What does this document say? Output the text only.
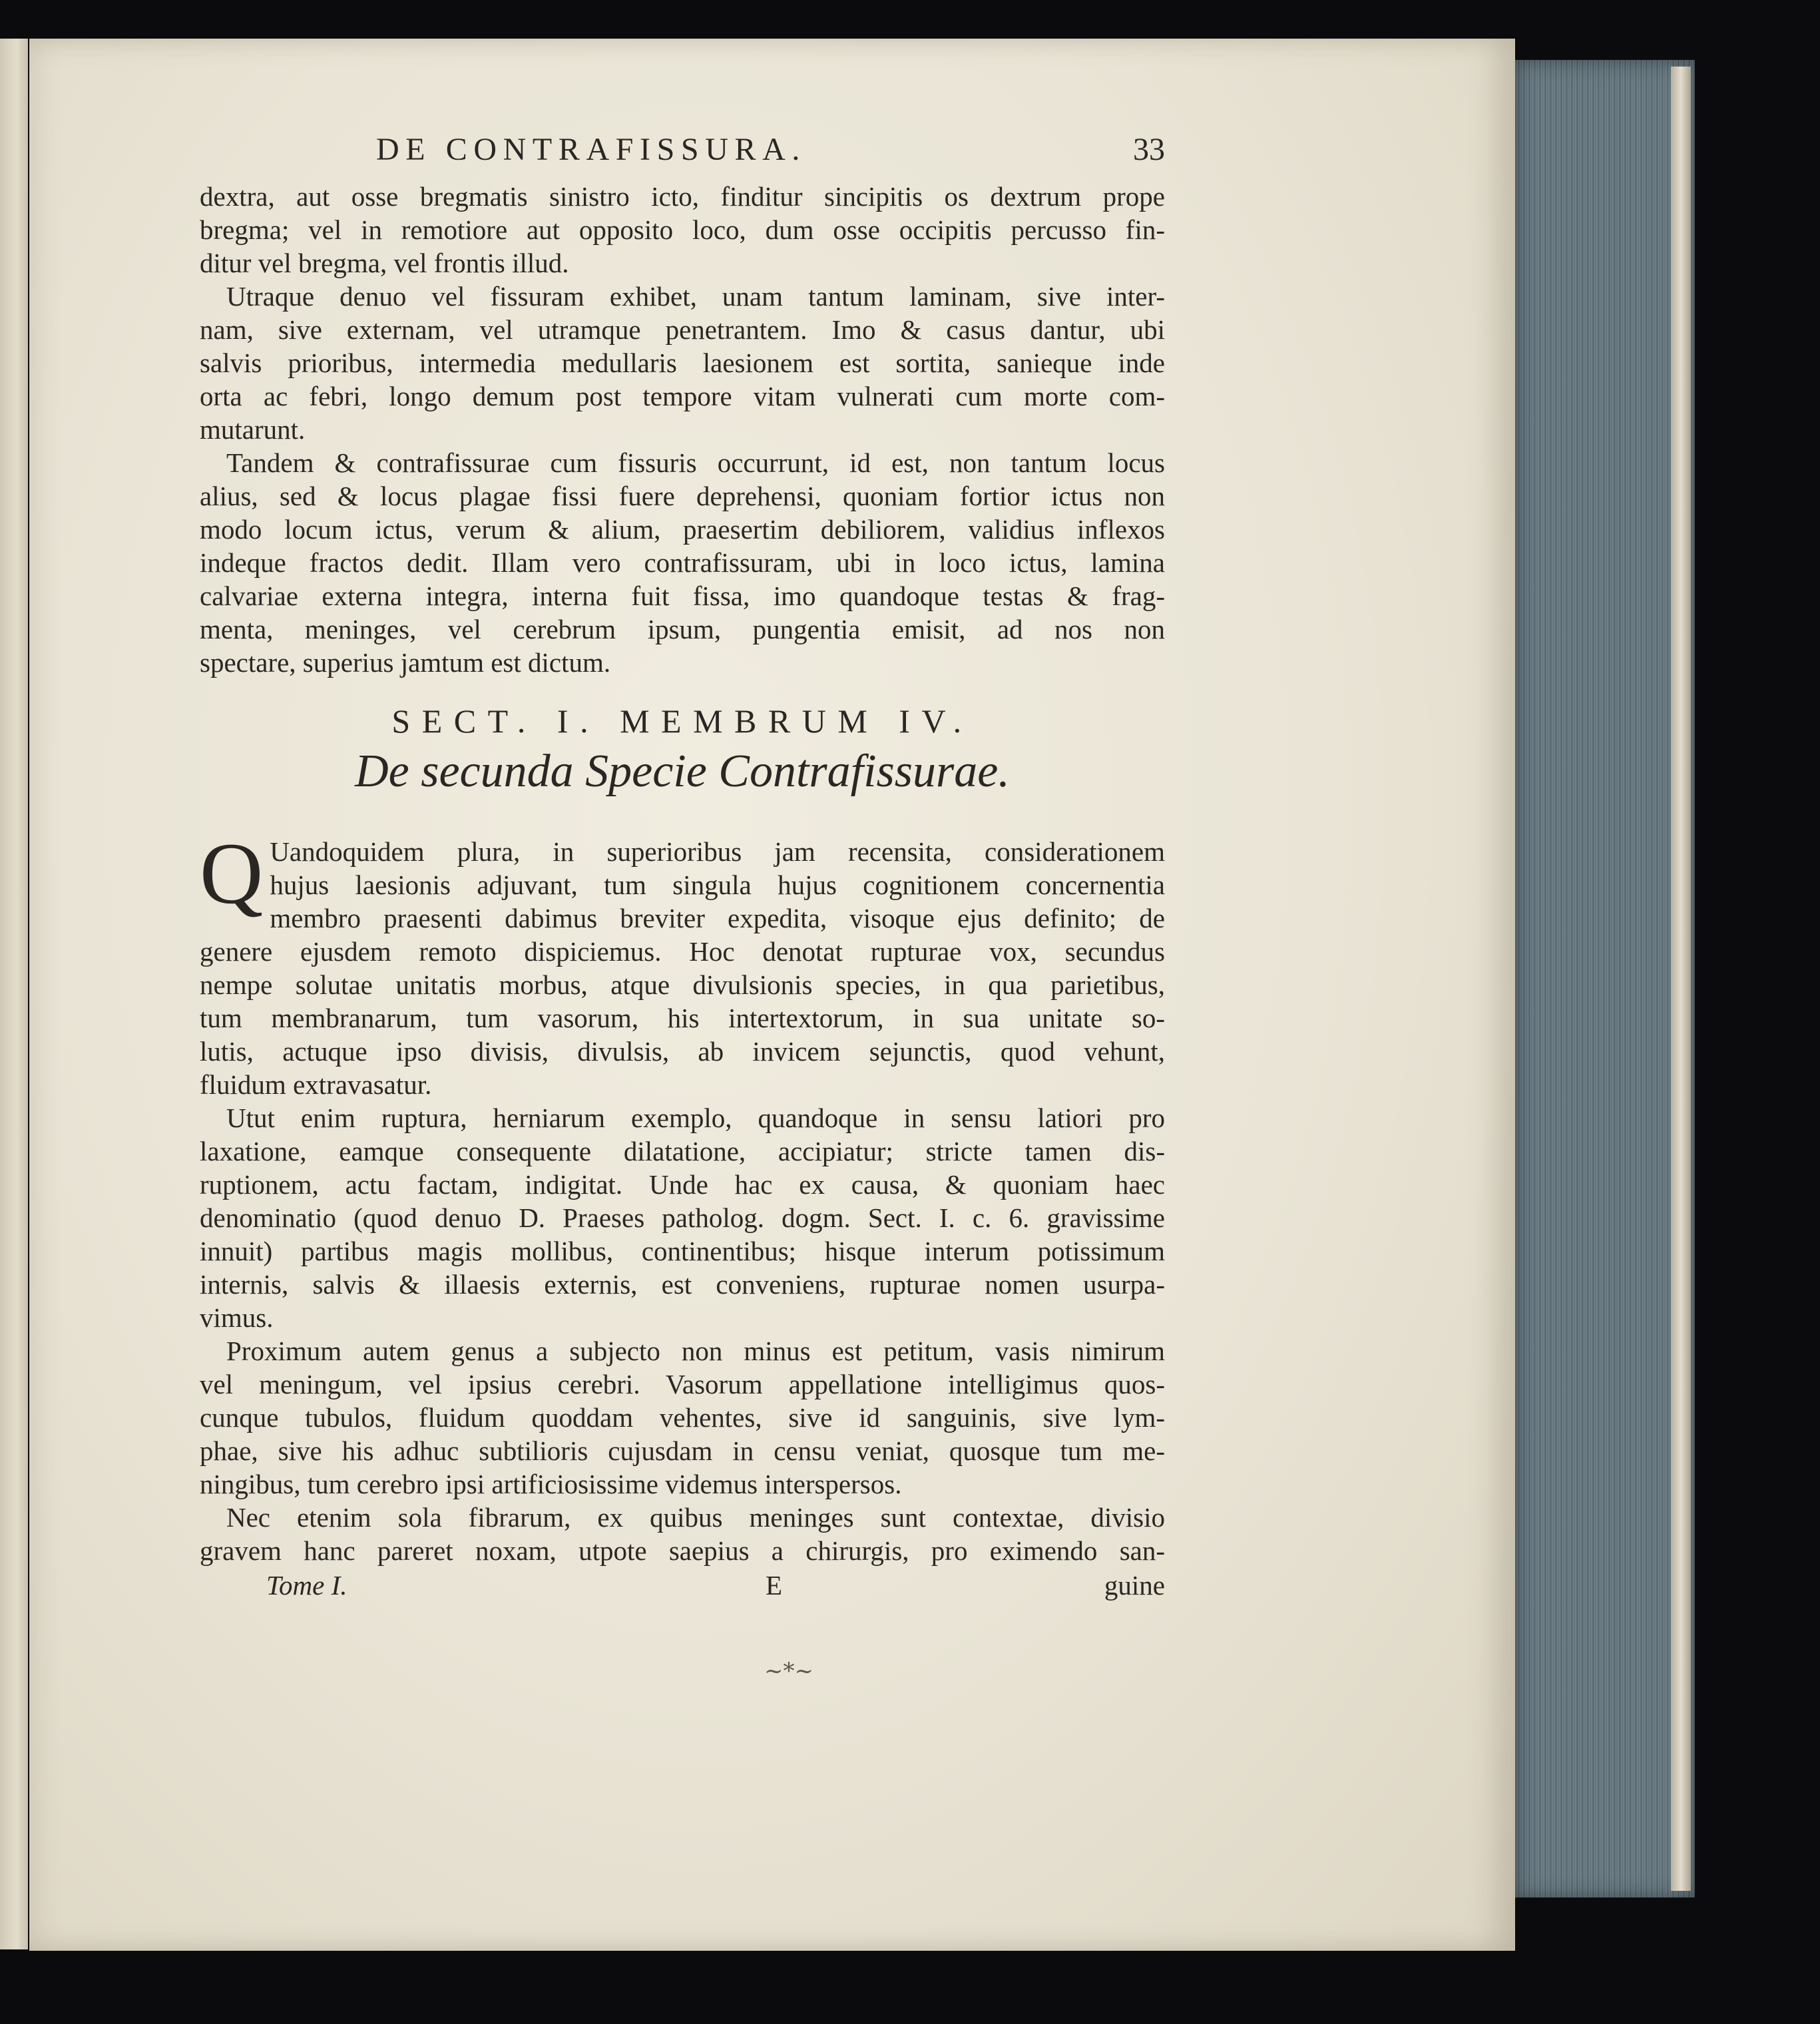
DE CONTRAFISSURA.	33

dextra, aut osse bregmatis sinistro icto, finditur sincipitis os dextrum prope
bregma; vel in remotiore aut opposito loco, dum osse occipitis percusso fin-
ditur vel bregma, vel frontis illud.

Utraque denuo vel fissuram exhibet, unam tantum laminam, sive inter-
nam, sive externam, vel utramque penetrantem. Imo & casus dantur, ubi
salvis prioribus, intermedia medullaris laesionem est sortita, sanieque inde
orta ac febri, longo demum post tempore vitam vulnerati cum morte com-
mutarunt.

Tandem & contrafissurae cum fissuris occurrunt, id est, non tantum locus
alius, sed & locus plagae fissi fuere deprehensi, quoniam fortior ictus non
modo locum ictus, verum & alium, praesertim debiliorem, validius inflexos
indeque fractos dedit. Illam vero contrafissuram, ubi in loco ictus, lamina
calvariae externa integra, interna fuit fissa, imo quandoque testas & frag-
menta, meninges, vel cerebrum ipsum, pungentia emisit, ad nos non
spectare, superius jamtum est dictum.

SECT. I. MEMBRUM IV.
De secunda Specie Contrafissurae.

Q Uandoquidem plura, in superioribus jam recensita, considerationem
hujus laesionis adjuvant, tum singula hujus cognitionem concernentia
membro praesenti dabimus breviter expedita, visoque ejus definito; de
genere ejusdem remoto dispiciemus. Hoc denotat rupturae vox, secundus
nempe solutae unitatis morbus, atque divulsionis species, in qua parietibus,
tum membranarum, tum vasorum, his intertextorum, in sua unitate so-
lutis, actuque ipso divisis, divulsis, ab invicem sejunctis, quod vehunt,
fluidum extravasatur.

Utut enim ruptura, herniarum exemplo, quandoque in sensu latiori pro
laxatione, eamque consequente dilatatione, accipiatur; stricte tamen dis-
ruptionem, actu factam, indigitat. Unde hac ex causa, & quoniam haec
denominatio (quod denuo D. Praeses patholog. dogm. Sect. I. c. 6. gravissime
innuit) partibus magis mollibus, continentibus; hisque interum potissimum
internis, salvis & illaesis externis, est conveniens, rupturae nomen usurpa-
vimus.

Proximum autem genus a subjecto non minus est petitum, vasis nimirum
vel meningum, vel ipsius cerebri. Vasorum appellatione intelligimus quos-
cunque tubulos, fluidum quoddam vehentes, sive id sanguinis, sive lym-
phae, sive his adhuc subtilioris cujusdam in censu veniat, quosque tum me-
ningibus, tum cerebro ipsi artificiosissime videmus interspersos.

Nec etenim sola fibrarum, ex quibus meninges sunt contextae, divisio
gravem hanc pareret noxam, utpote saepius a chirurgis, pro eximendo san-

Tome I.	E	guine
~*~
